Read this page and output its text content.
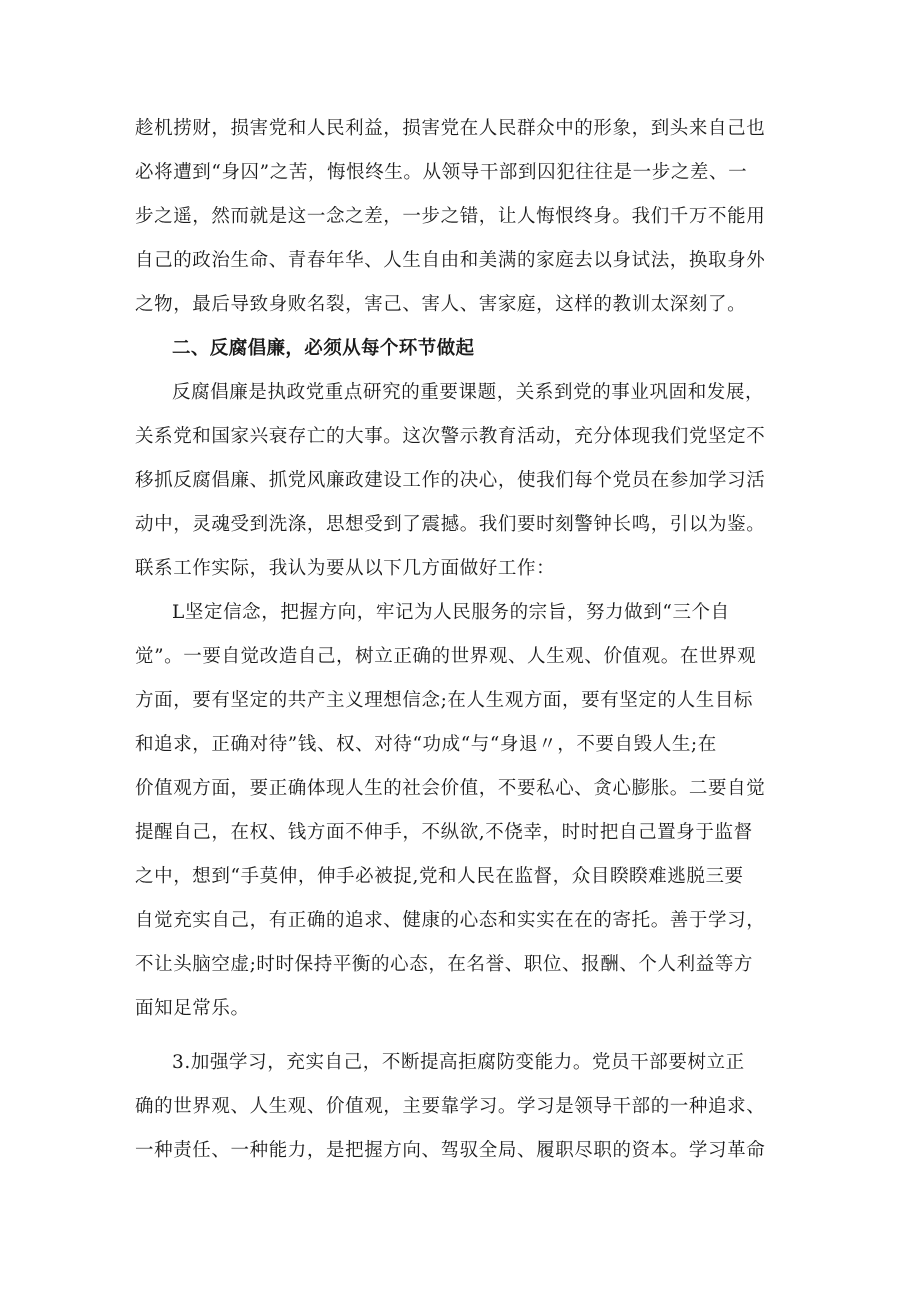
趁机捞财，损害党和人民利益，损害党在人民群众中的形象，到头来自己也
必将遭到“身囚”之苦，悔恨终生。从领导干部到囚犯往往是一步之差、一
步之遥，然而就是这一念之差，一步之错，让人悔恨终身。我们千万不能用
自己的政治生命、青春年华、人生自由和美满的家庭去以身试法，换取身外
之物，最后导致身败名裂，害己、害人、害家庭，这样的教训太深刻了。
二、反腐倡廉，必须从每个环节做起
反腐倡廉是执政党重点研究的重要课题，关系到党的事业巩固和发展，
关系党和国家兴衰存亡的大事。这次警示教育活动，充分体现我们党坚定不
移抓反腐倡廉、抓党风廉政建设工作的决心，使我们每个党员在参加学习活
动中，灵魂受到洗涤，思想受到了震撼。我们要时刻警钟长鸣，引以为鉴。
联系工作实际，我认为要从以下几方面做好工作：
L坚定信念，把握方向，牢记为人民服务的宗旨，努力做到“三个自
觉”。一要自觉改造自己，树立正确的世界观、人生观、价值观。在世界观
方面，要有坚定的共产主义理想信念;在人生观方面，要有坚定的人生目标
和追求，正确对待”钱、权、对待“功成“与“身退〃，不要自毁人生;在
价值观方面，要正确体现人生的社会价值，不要私心、贪心膨胀。二要自觉
提醒自己，在权、钱方面不伸手，不纵欲,不侥幸，时时把自己置身于监督
之中，想到“手莫伸，伸手必被捉,党和人民在监督，众目睽睽难逃脱三要
自觉充实自己，有正确的追求、健康的心态和实实在在的寄托。善于学习，
不让头脑空虚;时时保持平衡的心态，在名誉、职位、报酬、个人利益等方
面知足常乐。
3.加强学习，充实自己，不断提高拒腐防变能力。党员干部要树立正
确的世界观、人生观、价值观，主要靠学习。学习是领导干部的一种追求、
一种责任、一种能力，是把握方向、驾驭全局、履职尽职的资本。学习革命
